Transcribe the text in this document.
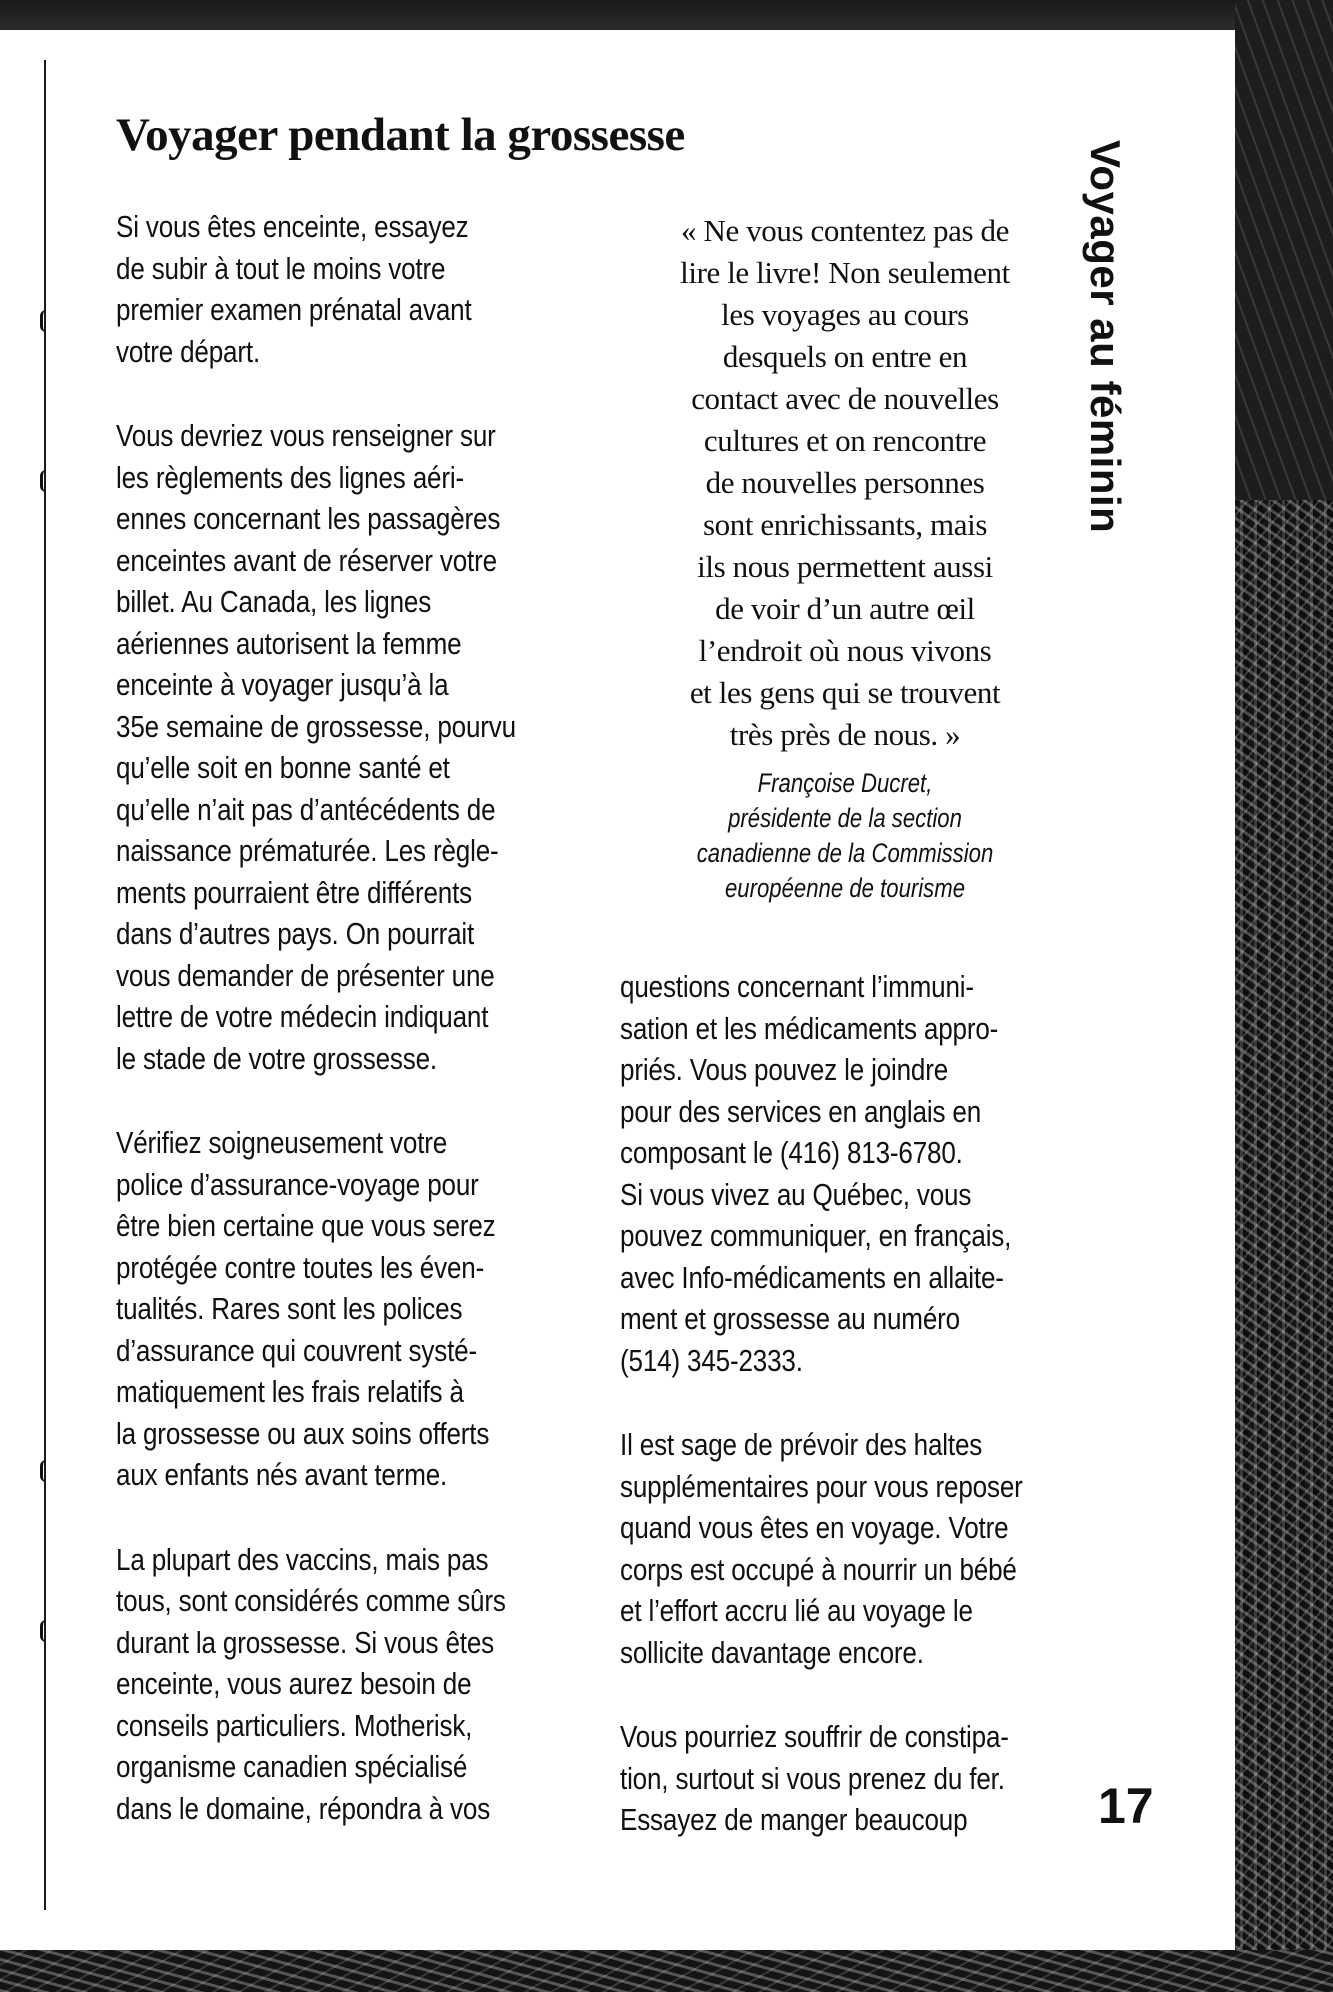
Voyager pendant la grossesse

Si vous êtes enceinte, essayez
de subir à tout le moins votre
premier examen prénatal avant
votre départ.

Vous devriez vous renseigner sur
les règlements des lignes aéri-
ennes concernant les passagères
enceintes avant de réserver votre
billet. Au Canada, les lignes
aériennes autorisent la femme
enceinte à voyager jusqu’à la
35e semaine de grossesse, pourvu
qu’elle soit en bonne santé et
qu’elle n’ait pas d’antécédents de
naissance prématurée. Les règle-
ments pourraient être différents
dans d’autres pays. On pourrait
vous demander de présenter une
lettre de votre médecin indiquant
le stade de votre grossesse.

Vérifiez soigneusement votre
police d’assurance-voyage pour
être bien certaine que vous serez
protégée contre toutes les éven-
tualités. Rares sont les polices
d’assurance qui couvrent systé-
matiquement les frais relatifs à
la grossesse ou aux soins offerts
aux enfants nés avant terme.

La plupart des vaccins, mais pas
tous, sont considérés comme sûrs
durant la grossesse. Si vous êtes
enceinte, vous aurez besoin de
conseils particuliers. Motherisk,
organisme canadien spécialisé
dans le domaine, répondra à vos

« Ne vous contentez pas de
lire le livre! Non seulement
les voyages au cours
desquels on entre en
contact avec de nouvelles
cultures et on rencontre
de nouvelles personnes
sont enrichissants, mais
ils nous permettent aussi
de voir d’un autre œil
l’endroit où nous vivons
et les gens qui se trouvent
très près de nous. »

Françoise Ducret,
présidente de la section
canadienne de la Commission
européenne de tourisme

questions concernant l’immuni-
sation et les médicaments appro-
priés. Vous pouvez le joindre
pour des services en anglais en
composant le (416) 813-6780.
Si vous vivez au Québec, vous
pouvez communiquer, en français,
avec Info-médicaments en allaite-
ment et grossesse au numéro
(514) 345-2333.

Il est sage de prévoir des haltes
supplémentaires pour vous reposer
quand vous êtes en voyage. Votre
corps est occupé à nourrir un bébé
et l’effort accru lié au voyage le
sollicite davantage encore.

Vous pourriez souffrir de constipa-
tion, surtout si vous prenez du fer.
Essayez de manger beaucoup

Voyager au féminin
17
